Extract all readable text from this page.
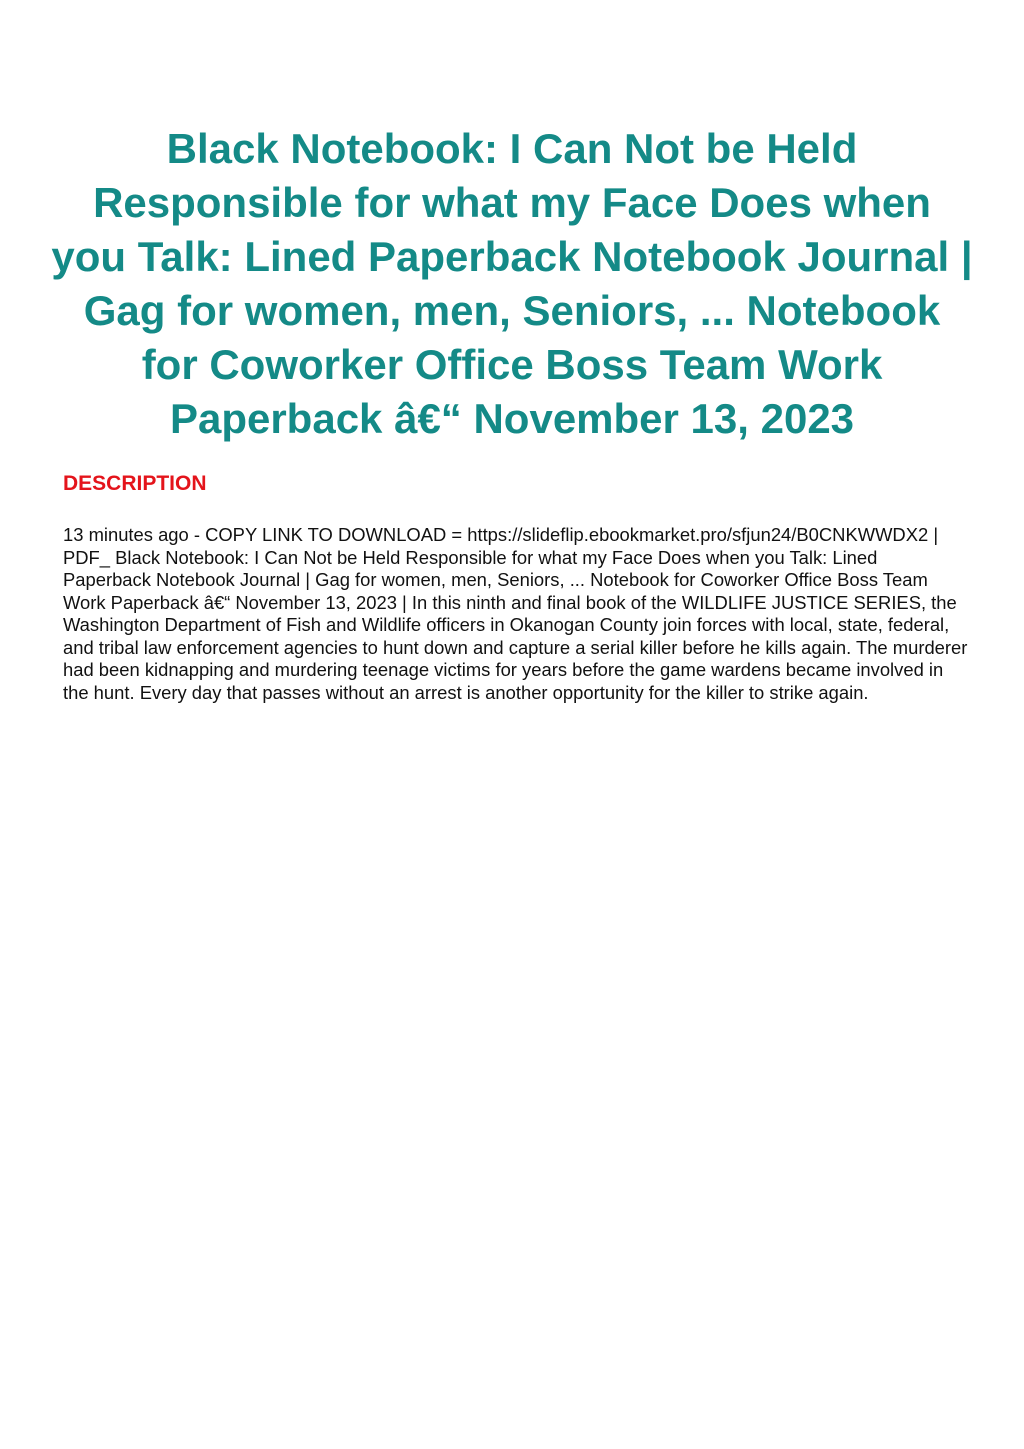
Black Notebook: I Can Not be Held Responsible for what my Face Does when you Talk: Lined Paperback Notebook Journal | Gag for women, men, Seniors, ... Notebook for Coworker Office Boss Team Work Paperback â€“ November 13, 2023
DESCRIPTION

13 minutes ago - COPY LINK TO DOWNLOAD = https://slideflip.ebookmarket.pro/sfjun24/B0CNKWWDX2 | PDF_ Black Notebook: I Can Not be Held Responsible for what my Face Does when you Talk: Lined Paperback Notebook Journal | Gag for women, men, Seniors, ... Notebook for Coworker Office Boss Team Work Paperback â€“ November 13, 2023 | In this ninth and final book of the WILDLIFE JUSTICE SERIES, the Washington Department of Fish and Wildlife officers in Okanogan County join forces with local, state, federal, and tribal law enforcement agencies to hunt down and capture a serial killer before he kills again. The murderer had been kidnapping and murdering teenage victims for years before the game wardens became involved in the hunt. Every day that passes without an arrest is another opportunity for the killer to strike again.
